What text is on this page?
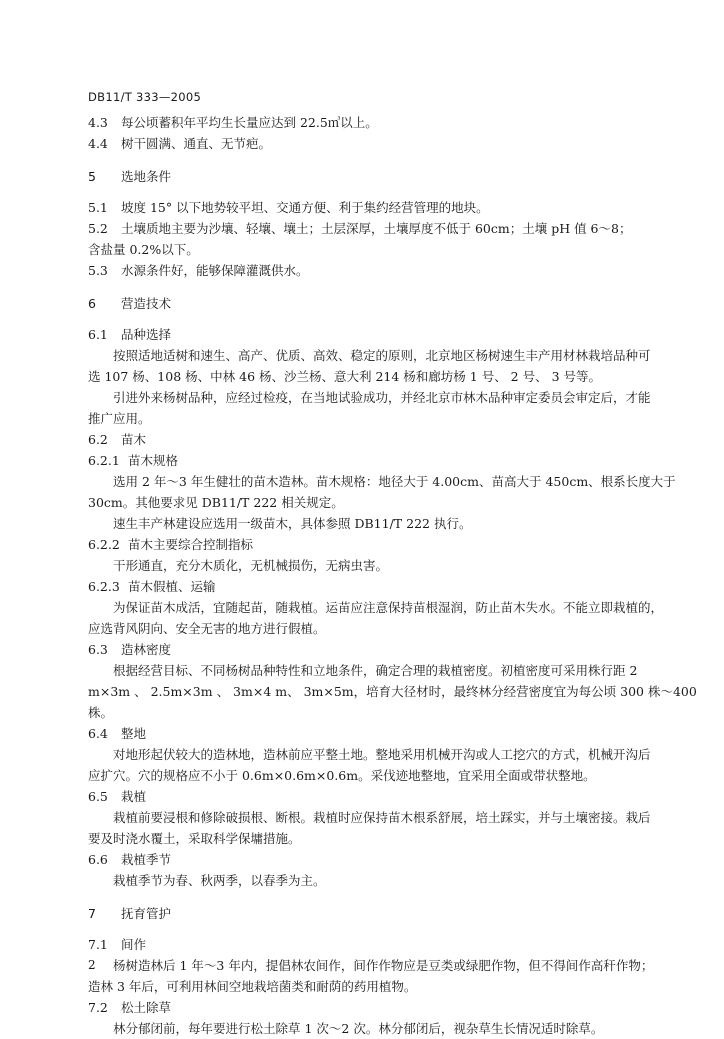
DB11/T 333—2005
4.3 每公顷蓄积年平均生长量应达到 22.5㎥以上。
4.4 树干圆满、通直、无节疤。
5 选地条件
5.1 坡度 15° 以下地势较平坦、交通方便、利于集约经营管理的地块。
5.2 土壤质地主要为沙壤、轻壤、壤土；土层深厚，土壤厚度不低于 60cm；土壤 pH 值 6～8；
含盐量 0.2%以下。
5.3 水源条件好，能够保障灌溉供水。
6 营造技术
6.1 品种选择
按照适地适树和速生、高产、优质、高效、稳定的原则，北京地区杨树速生丰产用材林栽培品种可
选 107 杨、108 杨、中林 46 杨、沙兰杨、意大利 214 杨和廊坊杨 1 号、 2 号、 3 号等。
引进外来杨树品种，应经过检疫，在当地试验成功，并经北京市林木品种审定委员会审定后，才能
推广应用。
6.2 苗木
6.2.1 苗木规格
选用 2 年～3 年生健壮的苗木造林。苗木规格：地径大于 4.00cm、苗高大于 450cm、根系长度大于
30cm。其他要求见 DB11/T 222 相关规定。
速生丰产林建设应选用一级苗木，具体参照 DB11/T 222 执行。
6.2.2 苗木主要综合控制指标
干形通直，充分木质化，无机械损伤，无病虫害。
6.2.3 苗木假植、运输
为保证苗木成活，宜随起苗，随栽植。运苗应注意保持苗根湿润，防止苗木失水。不能立即栽植的，
应选背风阴向、安全无害的地方进行假植。
6.3 造林密度
根据经营目标、不同杨树品种特性和立地条件，确定合理的栽植密度。初植密度可采用株行距 2
m×3m 、 2.5m×3m 、 3m×4 m、 3m×5m，培育大径材时，最终林分经营密度宜为每公顷 300 株～400
株。
6.4 整地
对地形起伏较大的造林地，造林前应平整土地。整地采用机械开沟或人工挖穴的方式，机械开沟后
应扩穴。穴的规格应不小于 0.6m×0.6m×0.6m。采伐迹地整地，宜采用全面或带状整地。
6.5 栽植
栽植前要浸根和修除破损根、断根。栽植时应保持苗木根系舒展，培土踩实，并与土壤密接。栽后
要及时浇水覆土，采取科学保墉措施。
6.6 栽植季节
栽植季节为春、秋两季，以春季为主。
7 抚育管护
7.1 间作
杨树造林后 1 年～3 年内，提倡林农间作，间作作物应是豆类或绿肥作物，但不得间作高秆作物；
造林 3 年后，可利用林间空地栽培菌类和耐荫的药用植物。
7.2 松土除草
林分郁闭前，每年要进行松土除草 1 次～2 次。林分郁闭后，视杂草生长情况适时除草。
2
